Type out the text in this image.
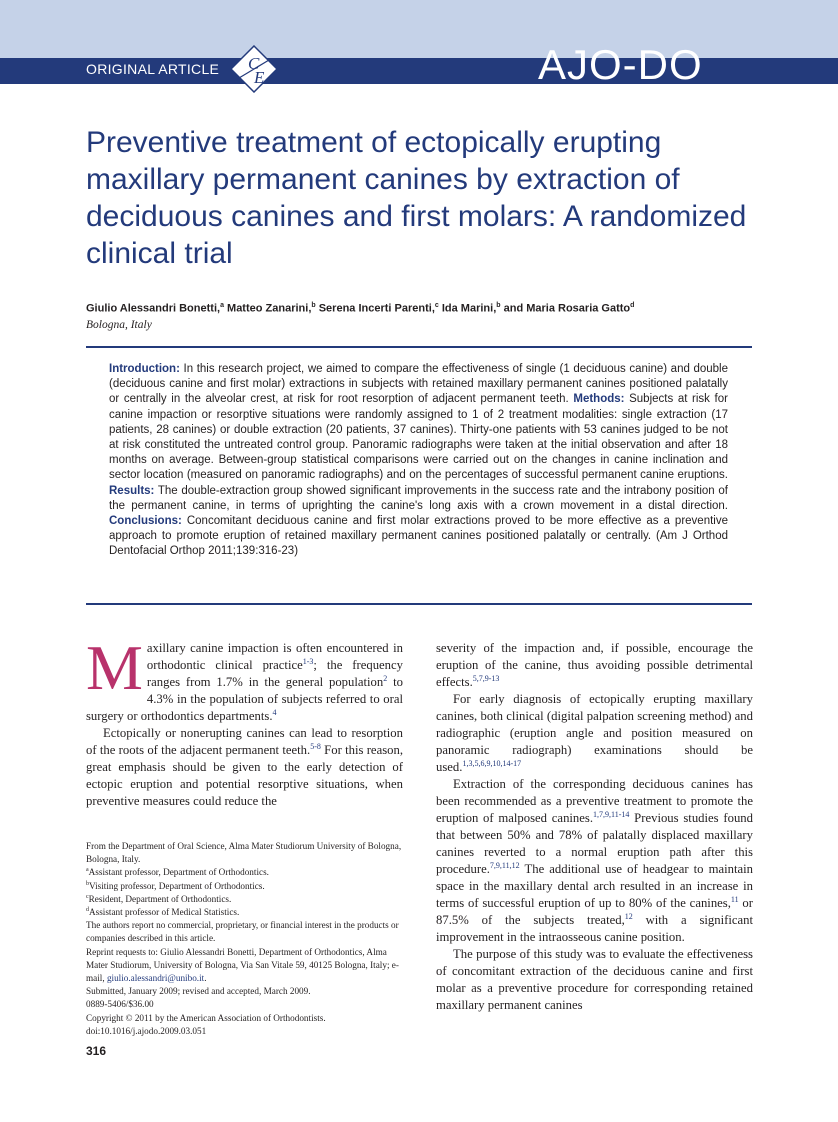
ORIGINAL ARTICLE C
E	AJO-DO
Preventive treatment of ectopically erupting
maxillary permanent canines by extraction of
deciduous canines and first molars: A randomized
clinical trial
Giulio Alessandri Bonetti,$^a$ Matteo Zanarini,$^b$ Serena Incerti Parenti,$^c$ Ida Marini,$^b$ and Maria Rosaria Gatto$^d$
Bologna, Italy
Introduction: In this research project, we aimed to compare the effectiveness of single (1 deciduous canine) and double (deciduous canine and first molar) extractions in subjects with retained maxillary permanent canines positioned palatally or centrally in the alveolar crest, at risk for root resorption of adjacent permanent teeth. Methods: Subjects at risk for canine impaction or resorptive situations were randomly assigned to 1 of 2 treatment modalities: single extraction (17 patients, 28 canines) or double extraction (20 patients, 37 canines). Thirty-one patients with 53 canines judged to be not at risk constituted the untreated control group. Panoramic radiographs were taken at the initial observation and after 18 months on average. Between-group statistical comparisons were carried out on the changes in canine inclination and sector location (measured on panoramic radiographs) and on the percentages of successful permanent canine eruptions. Results: The double-extraction group showed significant improvements in the success rate and the intrabony position of the permanent canine, in terms of uprighting the canine's long axis with a crown movement in a distal direction. Conclusions: Concomitant deciduous canine and first molar extractions proved to be more effective as a preventive approach to promote eruption of retained maxillary permanent canines positioned palatally or centrally. (Am J Orthod Dentofacial Orthop 2011;139:316-23)

Maxillary canine impaction is often encountered in orthodontic clinical practice$^{1-3}$; the frequency ranges from 1.7% in the general population$^2$ to 4.3% in the population of subjects referred to oral surgery or orthodontics departments.$^4$

Ectopically or nonerupting canines can lead to resorption of the roots of the adjacent permanent teeth.$^{5-8}$ For this reason, great emphasis should be given to the early detection of ectopic eruption and potential resorptive situations, when preventive measures could reduce the

severity of the impaction and, if possible, encourage the eruption of the canine, thus avoiding possible detrimental effects.$^{5,7,9-13}$

For early diagnosis of ectopically erupting maxillary canines, both clinical (digital palpation screening method) and radiographic (eruption angle and position measured on panoramic radiograph) examinations should be used.$^{1,3,5,6,9,10,14-17}$

Extraction of the corresponding deciduous canines has been recommended as a preventive treatment to promote the eruption of malposed canines.$^{1,7,9,11-14}$ Previous studies found that between 50% and 78% of palatally displaced maxillary canines reverted to a normal eruption path after this procedure.$^{7,9,11,12}$ The additional use of headgear to maintain space in the maxillary dental arch resulted in an increase in terms of successful eruption of up to 80% of the canines,$^{11}$ or 87.5% of the subjects treated,$^{12}$ with a significant improvement in the intraosseous canine position.

The purpose of this study was to evaluate the effectiveness of concomitant extraction of the deciduous canine and first molar as a preventive procedure for corresponding retained maxillary permanent canines

From the Department of Oral Science, Alma Mater Studiorum University of Bologna, Bologna, Italy.

$^a$Assistant professor, Department of Orthodontics.

$^b$Visiting professor, Department of Orthodontics.

$^c$Resident, Department of Orthodontics.

$^d$Assistant professor of Medical Statistics.

The authors report no commercial, proprietary, or financial interest in the products or companies described in this article.

Reprint requests to: Giulio Alessandri Bonetti, Department of Orthodontics, Alma Mater Studiorum, University of Bologna, Via San Vitale 59, 40125 Bologna, Italy; e-mail, giulio.alessandri@unibo.it.

Submitted, January 2009; revised and accepted, March 2009.

0889-5406/$36.00

Copyright © 2011 by the American Association of Orthodontists.

doi:10.1016/j.ajodo.2009.03.051

316
